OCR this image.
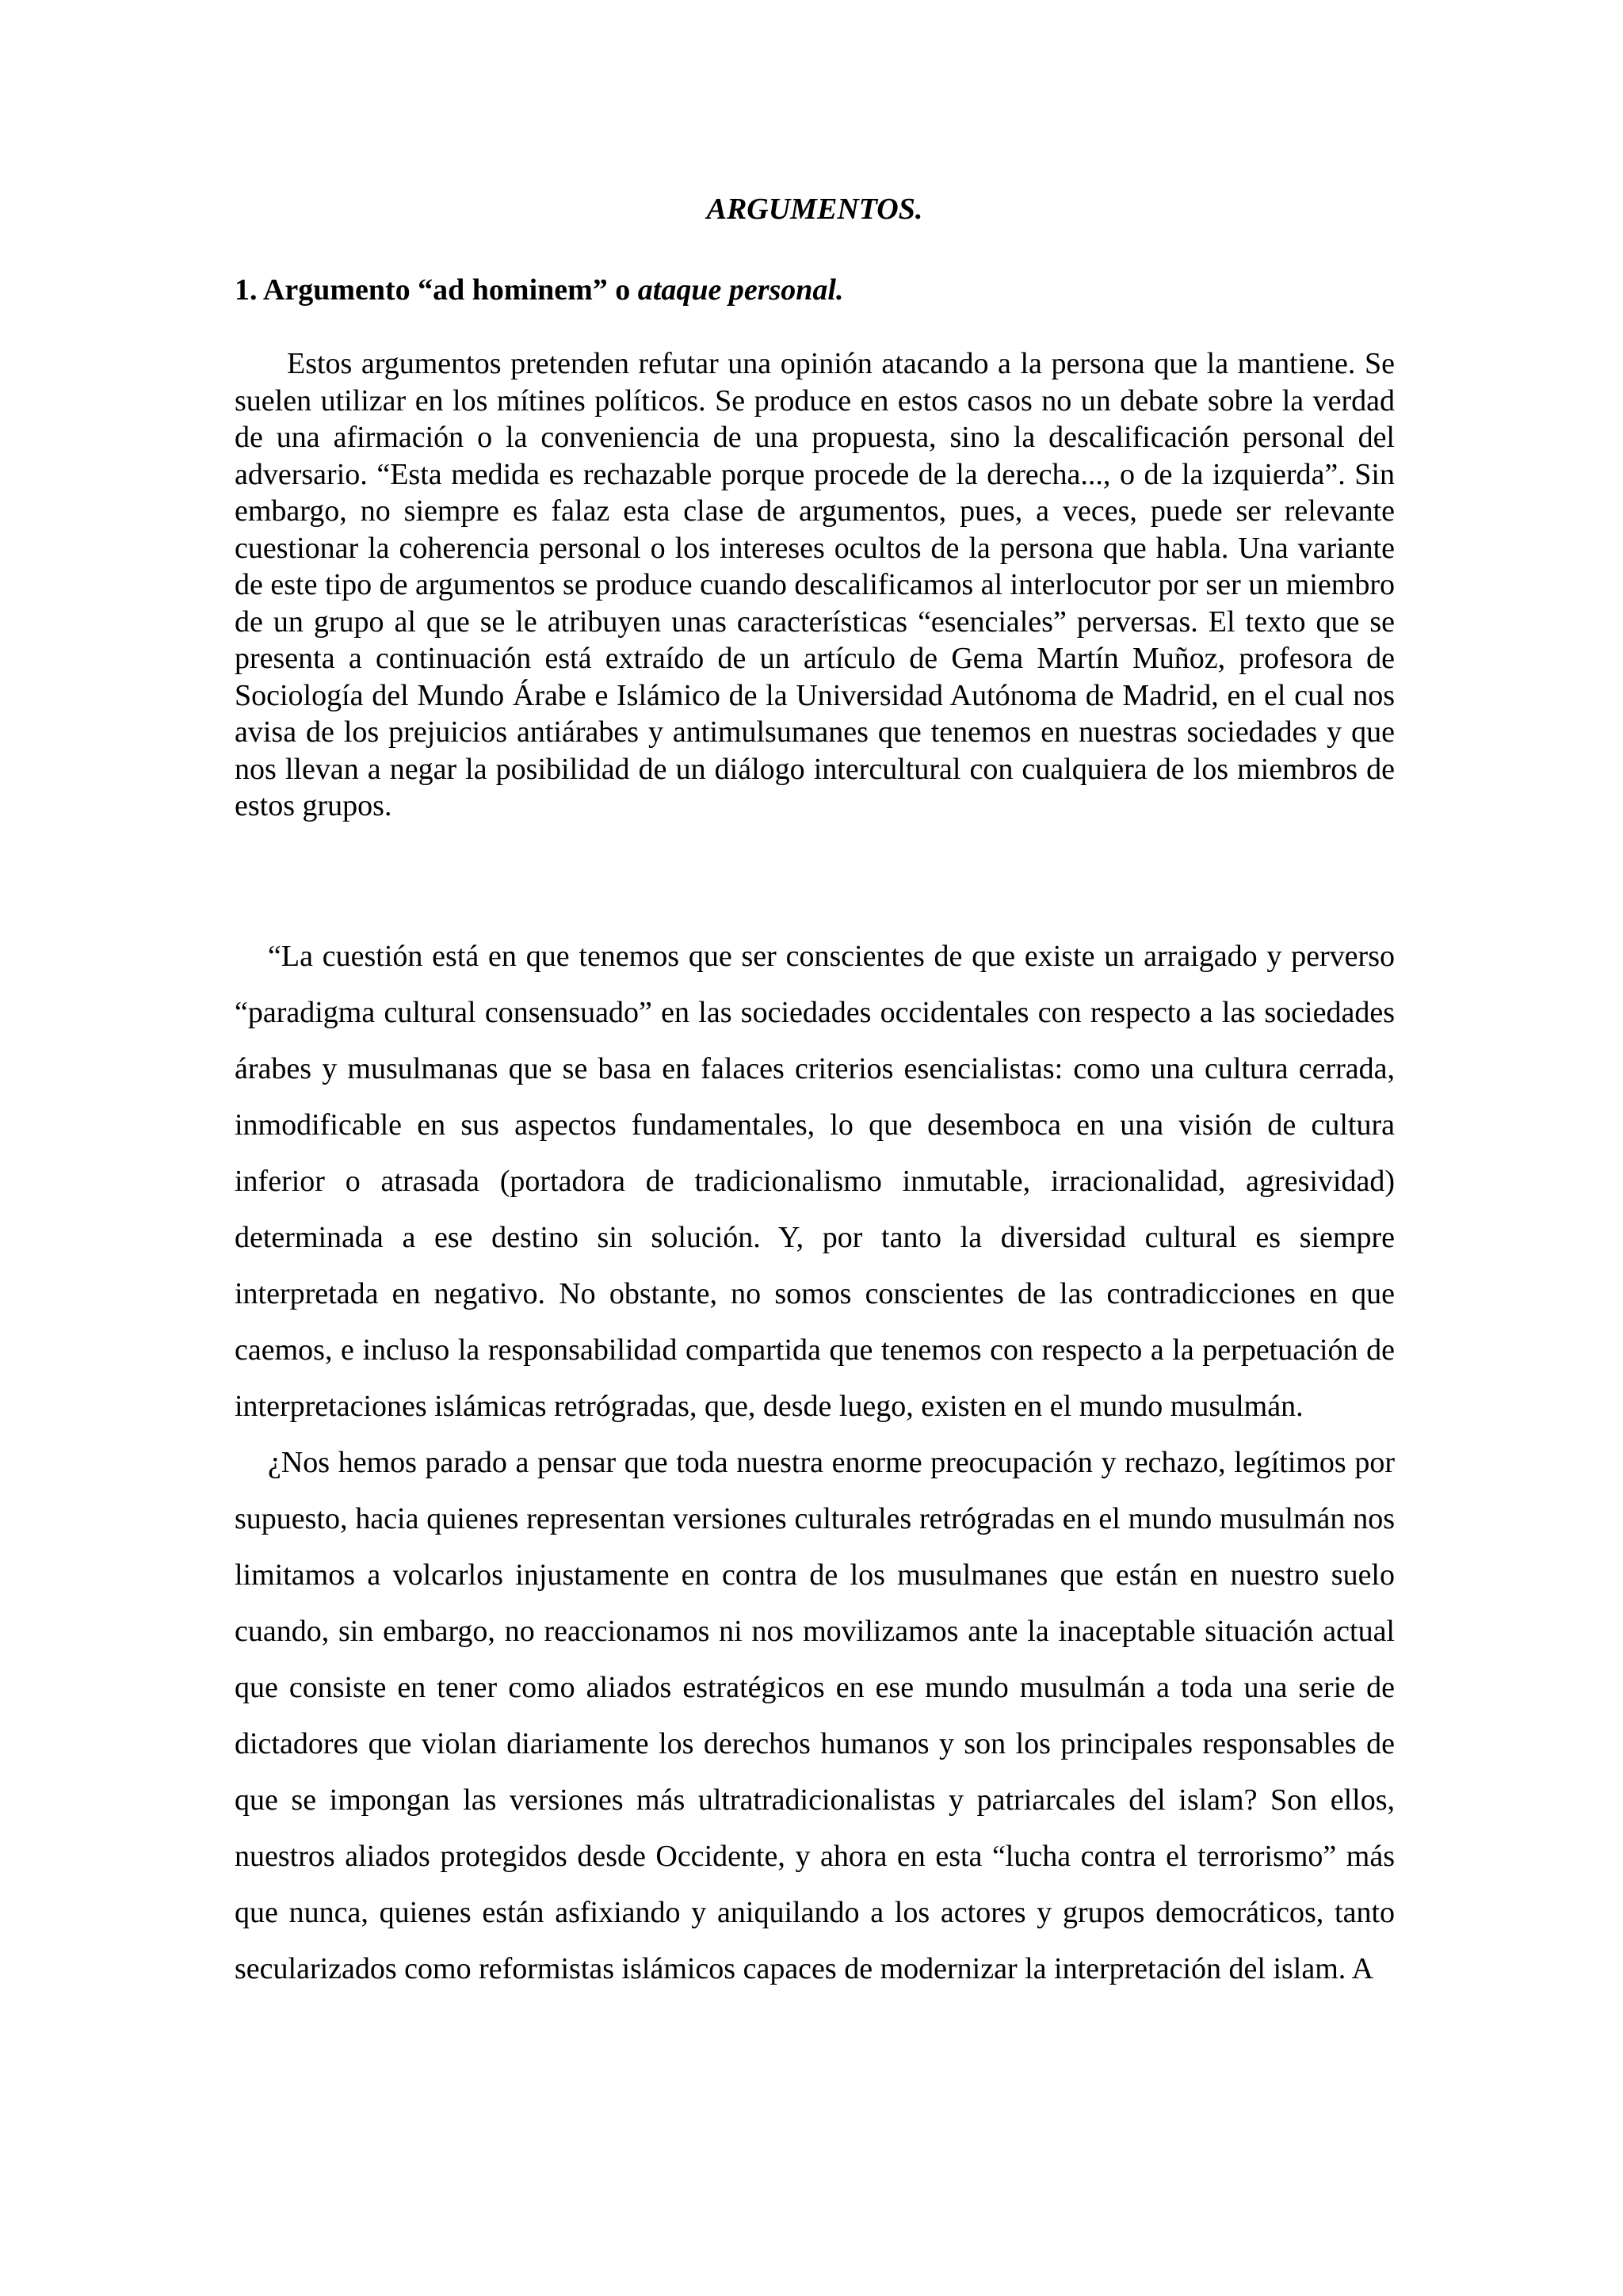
ARGUMENTOS.
1. Argumento “ad hominem” o ataque personal.

Estos argumentos pretenden refutar una opinión atacando a la persona que la mantiene. Se suelen utilizar en los mítines políticos. Se produce en estos casos no un debate sobre la verdad de una afirmación o la conveniencia de una propuesta, sino la descalificación personal del adversario. “Esta medida es rechazable porque procede de la derecha..., o de la izquierda”. Sin embargo, no siempre es falaz esta clase de argumentos, pues, a veces, puede ser relevante cuestionar la coherencia personal o los intereses ocultos de la persona que habla. Una variante de este tipo de argumentos se produce cuando descalificamos al interlocutor por ser un miembro de un grupo al que se le atribuyen unas características “esenciales” perversas. El texto que se presenta a continuación está extraído de un artículo de Gema Martín Muñoz, profesora de Sociología del Mundo Árabe e Islámico de la Universidad Autónoma de Madrid, en el cual nos avisa de los prejuicios antiárabes y antimulsumanes que tenemos en nuestras sociedades y que nos llevan a negar la posibilidad de un diálogo intercultural con cualquiera de los miembros de estos grupos.

“La cuestión está en que tenemos que ser conscientes de que existe un arraigado y perverso “paradigma cultural consensuado” en las sociedades occidentales con respecto a las sociedades árabes y musulmanas que se basa en falaces criterios esencialistas: como una cultura cerrada, inmodificable en sus aspectos fundamentales, lo que desemboca en una visión de cultura inferior o atrasada (portadora de tradicionalismo inmutable, irracionalidad, agresividad) determinada a ese destino sin solución. Y, por tanto la diversidad cultural es siempre interpretada en negativo. No obstante, no somos conscientes de las contradicciones en que caemos, e incluso la responsabilidad compartida que tenemos con respecto a la perpetuación de interpretaciones islámicas retrógradas, que, desde luego, existen en el mundo musulmán.

¿Nos hemos parado a pensar que toda nuestra enorme preocupación y rechazo, legítimos por supuesto, hacia quienes representan versiones culturales retrógradas en el mundo musulmán nos limitamos a volcarlos injustamente en contra de los musulmanes que están en nuestro suelo cuando, sin embargo, no reaccionamos ni nos movilizamos ante la inaceptable situación actual que consiste en tener como aliados estratégicos en ese mundo musulmán a toda una serie de dictadores que violan diariamente los derechos humanos y son los principales responsables de que se impongan las versiones más ultratradicionalistas y patriarcales del islam? Son ellos, nuestros aliados protegidos desde Occidente, y ahora en esta “lucha contra el terrorismo” más que nunca, quienes están asfixiando y aniquilando a los actores y grupos democráticos, tanto secularizados como reformistas islámicos capaces de modernizar la interpretación del islam. A
